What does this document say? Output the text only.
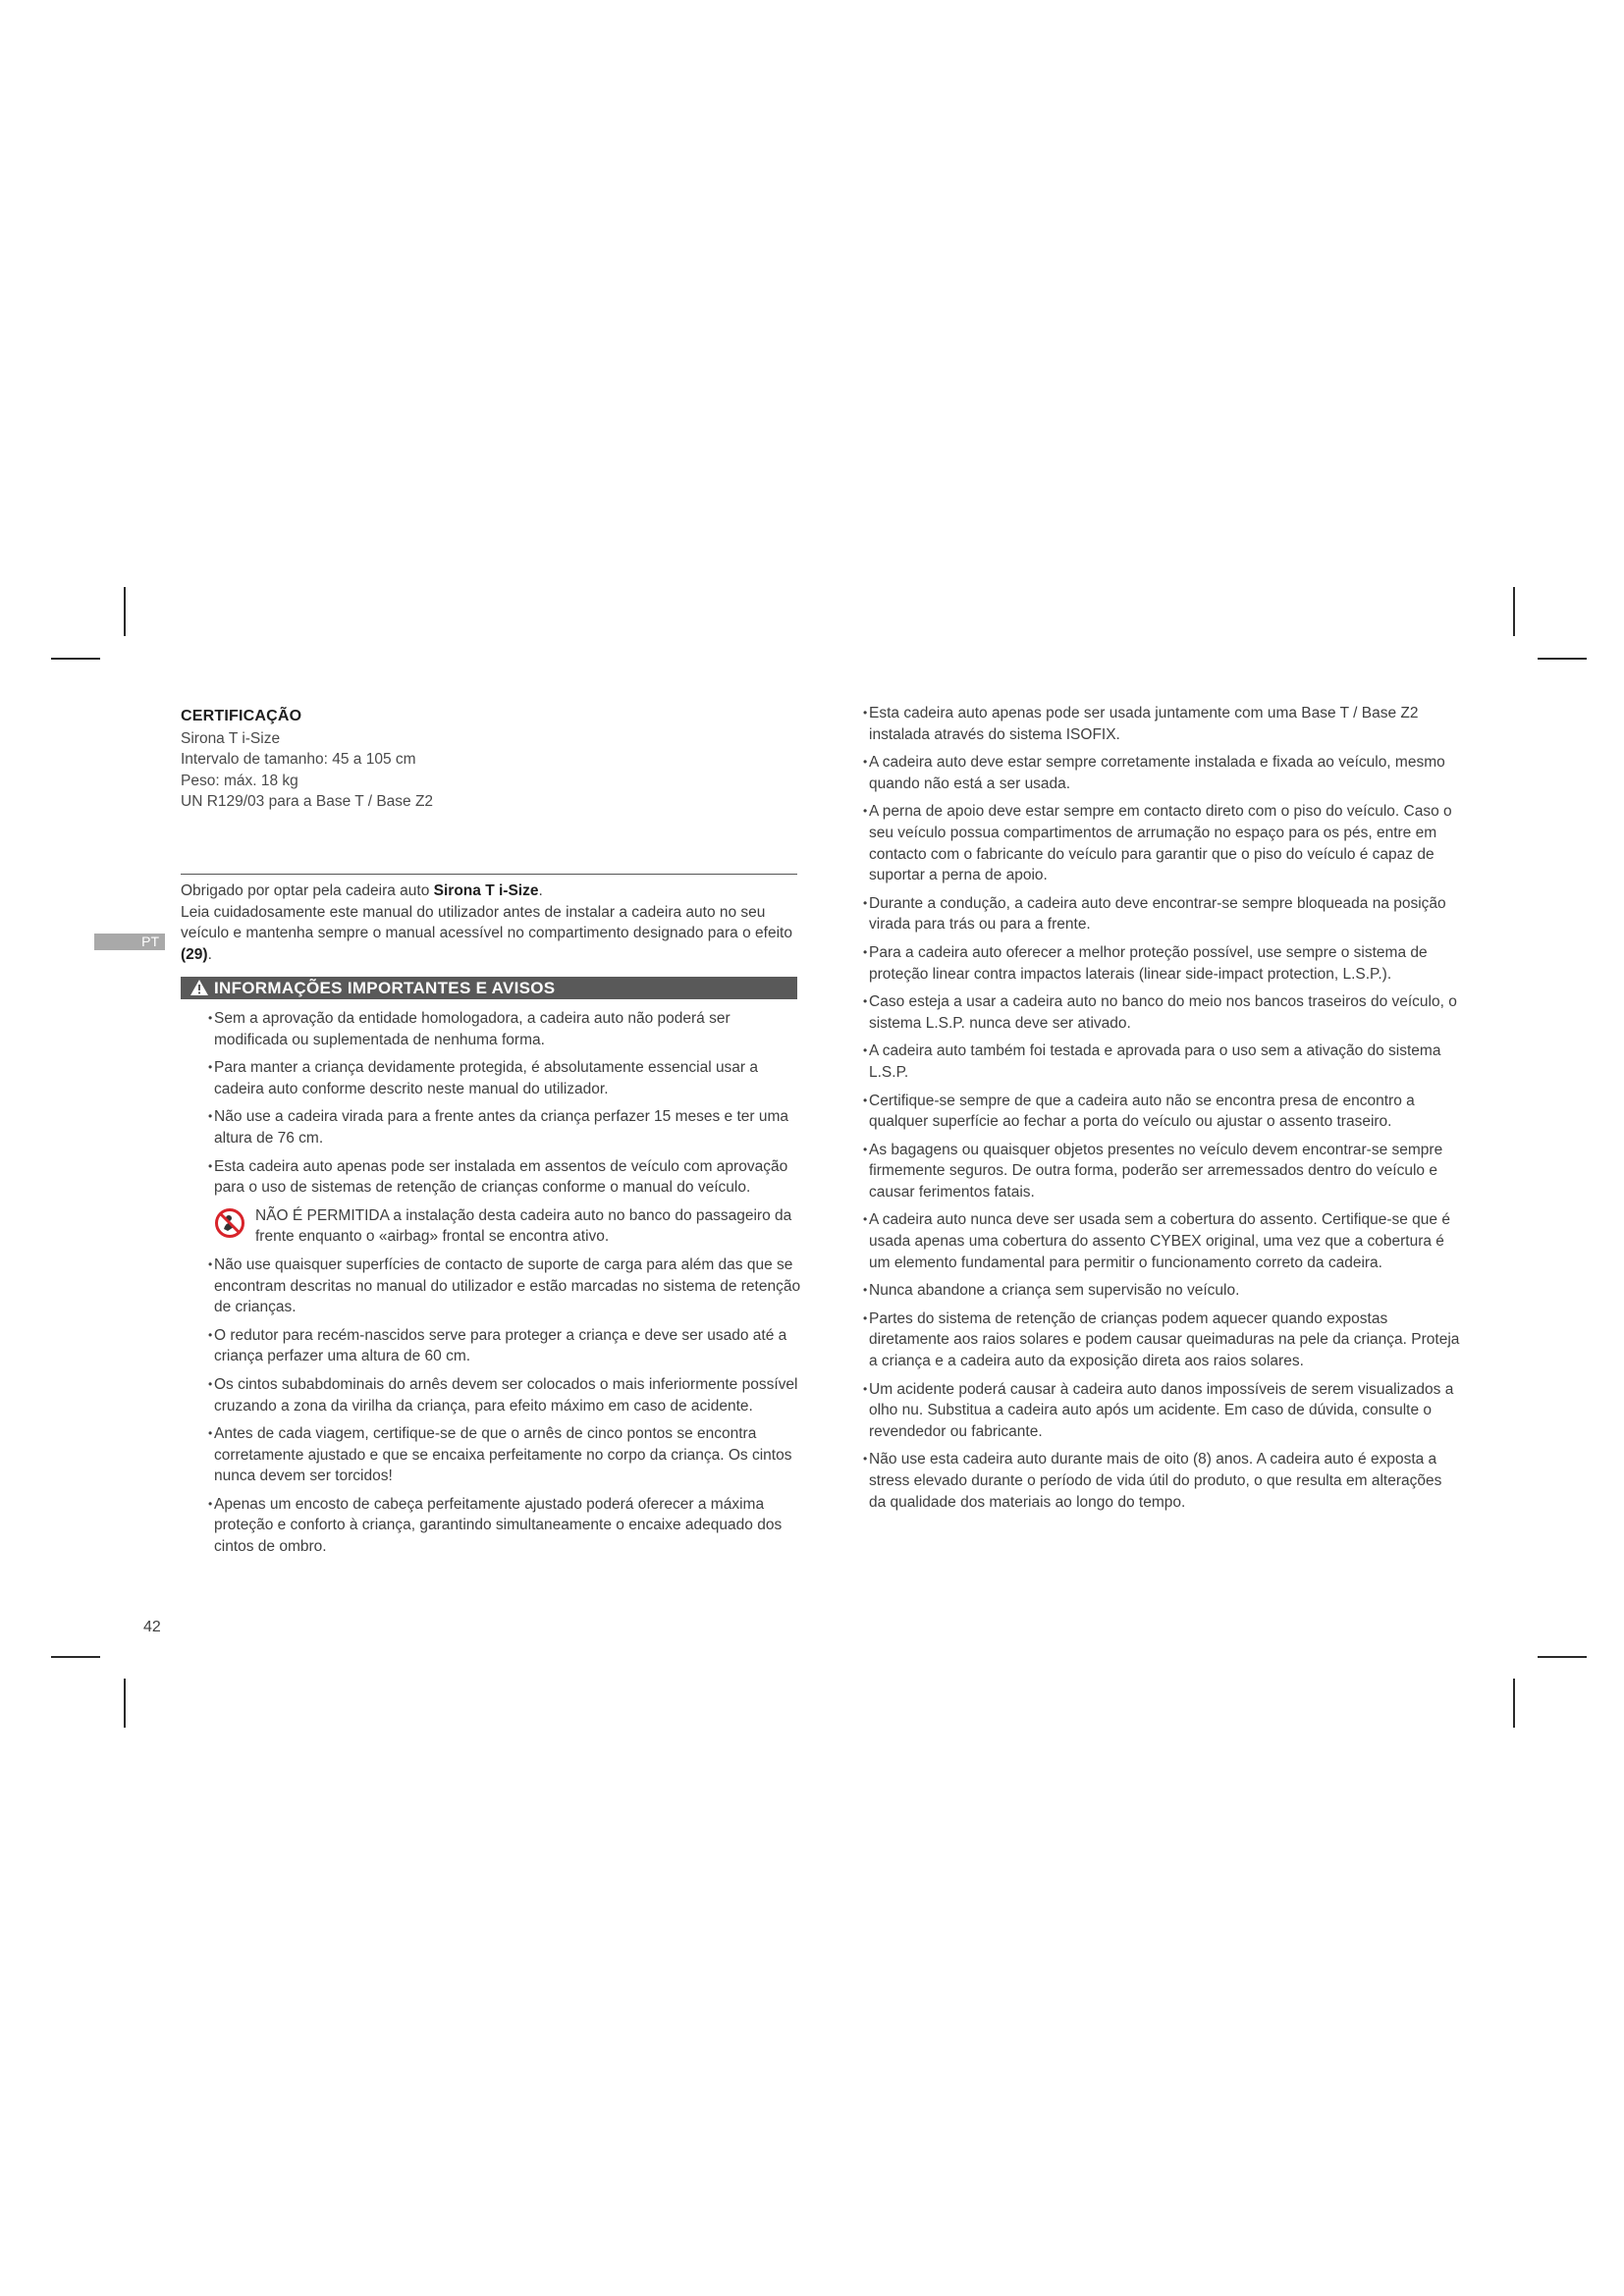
PT
CERTIFICAÇÃO
Sirona T i-Size
Intervalo de tamanho: 45 a 105 cm
Peso: máx. 18 kg
UN R129/03 para a Base T / Base Z2

Obrigado por optar pela cadeira auto Sirona T i-Size.

Leia cuidadosamente este manual do utilizador antes de instalar a cadeira auto no seu veículo e mantenha sempre o manual acessível no compartimento designado para o efeito (29).

INFORMAÇÕES IMPORTANTES E AVISOS
• Sem a aprovação da entidade homologadora, a cadeira auto não poderá ser modificada ou suplementada de nenhuma forma.
• Para manter a criança devidamente protegida, é absolutamente essencial usar a cadeira auto conforme descrito neste manual do utilizador.
• Não use a cadeira virada para a frente antes da criança perfazer 15 meses e ter uma altura de 76 cm.
• Esta cadeira auto apenas pode ser instalada em assentos de veículo com aprovação para o uso de sistemas de retenção de crianças conforme o manual do veículo.
NÃO É PERMITIDA a instalação desta cadeira auto no banco do passageiro da frente enquanto o «airbag» frontal se encontra ativo.
• Não use quaisquer superfícies de contacto de suporte de carga para além das que se encontram descritas no manual do utilizador e estão marcadas no sistema de retenção de crianças.
• O redutor para recém-nascidos serve para proteger a criança e deve ser usado até a criança perfazer uma altura de 60 cm.
• Os cintos subabdominais do arnês devem ser colocados o mais inferiormente possível cruzando a zona da virilha da criança, para efeito máximo em caso de acidente.
• Antes de cada viagem, certifique-se de que o arnês de cinco pontos se encontra corretamente ajustado e que se encaixa perfeitamente no corpo da criança. Os cintos nunca devem ser torcidos!
• Apenas um encosto de cabeça perfeitamente ajustado poderá oferecer a máxima proteção e conforto à criança, garantindo simultaneamente o encaixe adequado dos cintos de ombro.
• Esta cadeira auto apenas pode ser usada juntamente com uma Base T / Base Z2 instalada através do sistema ISOFIX.
• A cadeira auto deve estar sempre corretamente instalada e fixada ao veículo, mesmo quando não está a ser usada.
• A perna de apoio deve estar sempre em contacto direto com o piso do veículo. Caso o seu veículo possua compartimentos de arrumação no espaço para os pés, entre em contacto com o fabricante do veículo para garantir que o piso do veículo é capaz de suportar a perna de apoio.
• Durante a condução, a cadeira auto deve encontrar-se sempre bloqueada na posição virada para trás ou para a frente.
• Para a cadeira auto oferecer a melhor proteção possível, use sempre o sistema de proteção linear contra impactos laterais (linear side-impact protection, L.S.P.).
• Caso esteja a usar a cadeira auto no banco do meio nos bancos traseiros do veículo, o sistema L.S.P. nunca deve ser ativado.
• A cadeira auto também foi testada e aprovada para o uso sem a ativação do sistema L.S.P.
• Certifique-se sempre de que a cadeira auto não se encontra presa de encontro a qualquer superfície ao fechar a porta do veículo ou ajustar o assento traseiro.
• As bagagens ou quaisquer objetos presentes no veículo devem encontrar-se sempre firmemente seguros. De outra forma, poderão ser arremessados dentro do veículo e causar ferimentos fatais.
• A cadeira auto nunca deve ser usada sem a cobertura do assento. Certifique-se que é usada apenas uma cobertura do assento CYBEX original, uma vez que a cobertura é um elemento fundamental para permitir o funcionamento correto da cadeira.
• Nunca abandone a criança sem supervisão no veículo.
• Partes do sistema de retenção de crianças podem aquecer quando expostas diretamente aos raios solares e podem causar queimaduras na pele da criança. Proteja a criança e a cadeira auto da exposição direta aos raios solares.
• Um acidente poderá causar à cadeira auto danos impossíveis de serem visualizados a olho nu. Substitua a cadeira auto após um acidente. Em caso de dúvida, consulte o revendedor ou fabricante.
• Não use esta cadeira auto durante mais de oito (8) anos. A cadeira auto é exposta a stress elevado durante o período de vida útil do produto, o que resulta em alterações da qualidade dos materiais ao longo do tempo.
42
